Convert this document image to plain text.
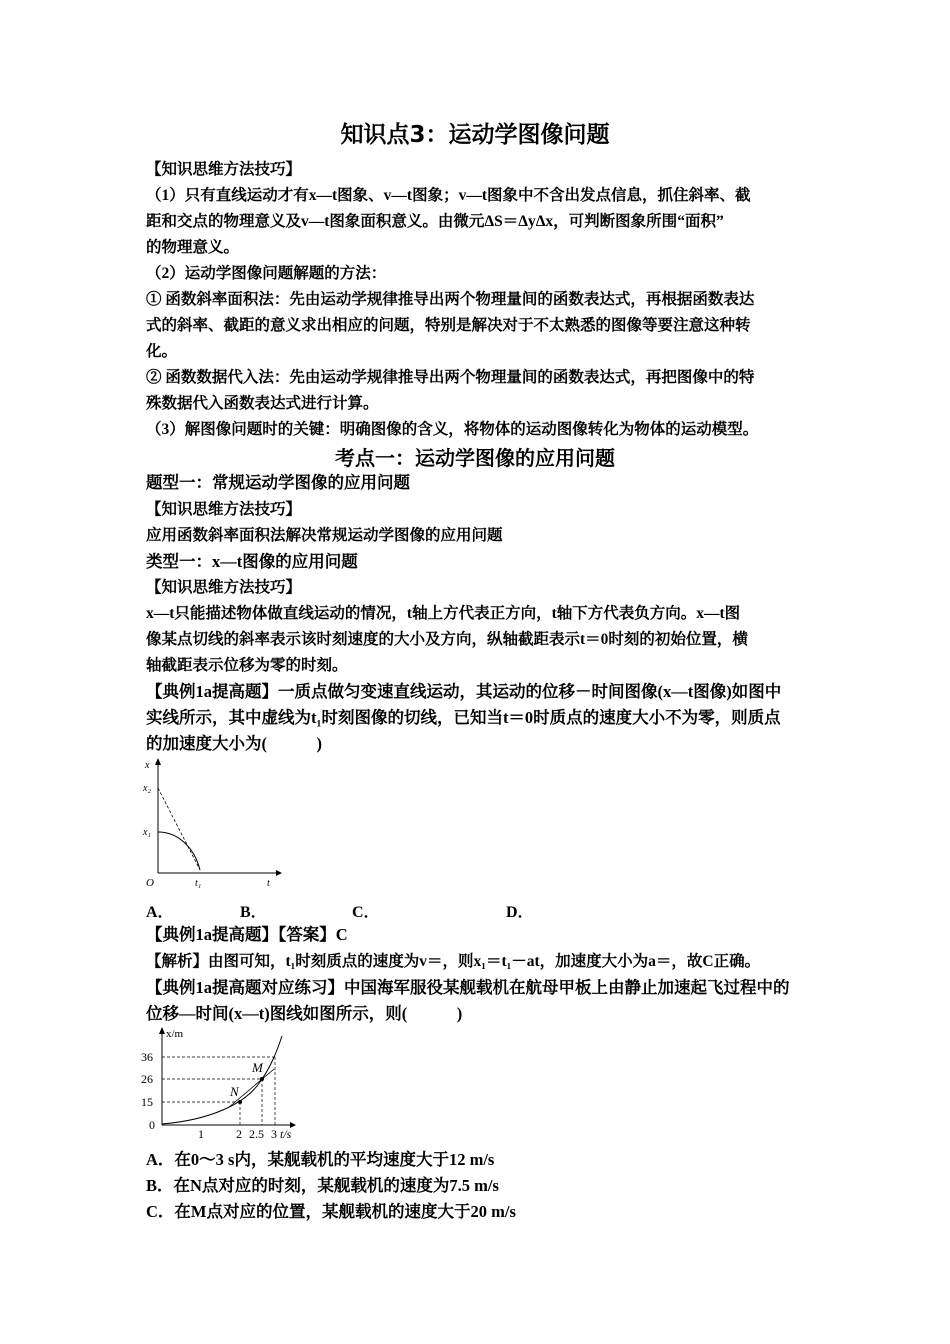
知识点3：运动学图像问题
【知识思维方法技巧】
（1）只有直线运动才有x—t图象、v—t图象；v—t图象中不含出发点信息，抓住斜率、截
距和交点的物理意义及v—t图象面积意义。由微元ΔS＝ΔyΔx，可判断图象所围“面积”
的物理意义。
（2）运动学图像问题解题的方法：
① 函数斜率面积法：先由运动学规律推导出两个物理量间的函数表达式，再根据函数表达
式的斜率、截距的意义求出相应的问题，特别是解决对于不太熟悉的图像等要注意这种转
化。
② 函数数据代入法：先由运动学规律推导出两个物理量间的函数表达式，再把图像中的特
殊数据代入函数表达式进行计算。
（3）解图像问题时的关键：明确图像的含义，将物体的运动图像转化为物体的运动模型。
考点一：运动学图像的应用问题
题型一：常规运动学图像的应用问题
【知识思维方法技巧】
应用函数斜率面积法解决常规运动学图像的应用问题
类型一：x—t图像的应用问题
【知识思维方法技巧】
x—t只能描述物体做直线运动的情况，t轴上方代表正方向，t轴下方代表负方向。x—t图
像某点切线的斜率表示该时刻速度的大小及方向，纵轴截距表示t＝0时刻的初始位置，横
轴截距表示位移为零的时刻。
【典例1a提高题】一质点做匀变速直线运动，其运动的位移－时间图像(x—t图像)如图中
实线所示，其中虚线为t₁时刻图像的切线，已知当t＝0时质点的速度大小不为零，则质点
的加速度大小为(　　　)
x
x₂
x₁
O	t₁	t
A．	B．	C．	D．
【典例1a提高题】【答案】C
【解析】由图可知，t₁时刻质点的速度为v＝，则x₁＝t₁－at，加速度大小为a＝，故C正确。
【典例1a提高题对应练习】中国海军服役某舰载机在航母甲板上由静止加速起飞过程中的
位移—时间(x—t)图线如图所示，则(　　　)
x/m
36
26
15
0
1	2 2.5 3 t/s
M
N
A．在0～3 s内，某舰载机的平均速度大于12 m/s
B．在N点对应的时刻，某舰载机的速度为7.5 m/s
C．在M点对应的位置，某舰载机的速度大于20 m/s
